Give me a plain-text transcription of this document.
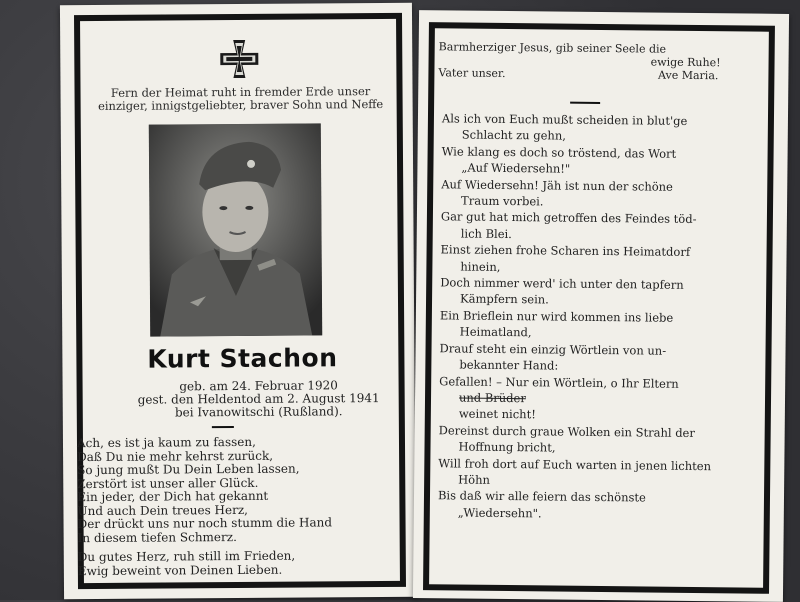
Fern der Heimat ruht in fremder Erde unser einziger, innigstgeliebter, braver Sohn und Neffe
Kurt Stachon
geb. am 24. Februar 1920
gest. den Heldentod am 2. August 1941
bei Ivanowitschi (Rußland).
Ach, es ist ja kaum zu fassen,
Daß Du nie mehr kehrst zurück,
So jung mußt Du Dein Leben lassen,
Zerstört ist unser aller Glück.
Ein jeder, der Dich hat gekannt
Und auch Dein treues Herz,
Der drückt uns nur noch stumm die Hand
In diesem tiefen Schmerz.
Du gutes Herz, ruh still im Frieden,
Ewig beweint von Deinen Lieben.
Barmherziger Jesus, gib seiner Seele die
ewige Ruhe!
Vater unser.	Ave Maria.
Als ich von Euch mußt scheiden in blut'ge
Schlacht zu gehn,
Wie klang es doch so tröstend, das Wort
„Auf Wiedersehn!"
Auf Wiedersehn! Jäh ist nun der schöne
Traum vorbei.
Gar gut hat mich getroffen des Feindes töd-
lich Blei.
Einst ziehen frohe Scharen ins Heimatdorf
hinein,
Doch nimmer werd' ich unter den tapfern
Kämpfern sein.
Ein Brieflein nur wird kommen ins liebe
Heimatland,
Drauf steht ein einzig Wörtlein von un-
bekannter Hand:
Gefallen! – Nur ein Wörtlein, o Ihr Eltern
und Brüder
weinet nicht!
Dereinst durch graue Wolken ein Strahl der
Hoffnung bricht,
Will froh dort auf Euch warten in jenen lichten
Höhn
Bis daß wir alle feiern das schönste
„Wiedersehn".
